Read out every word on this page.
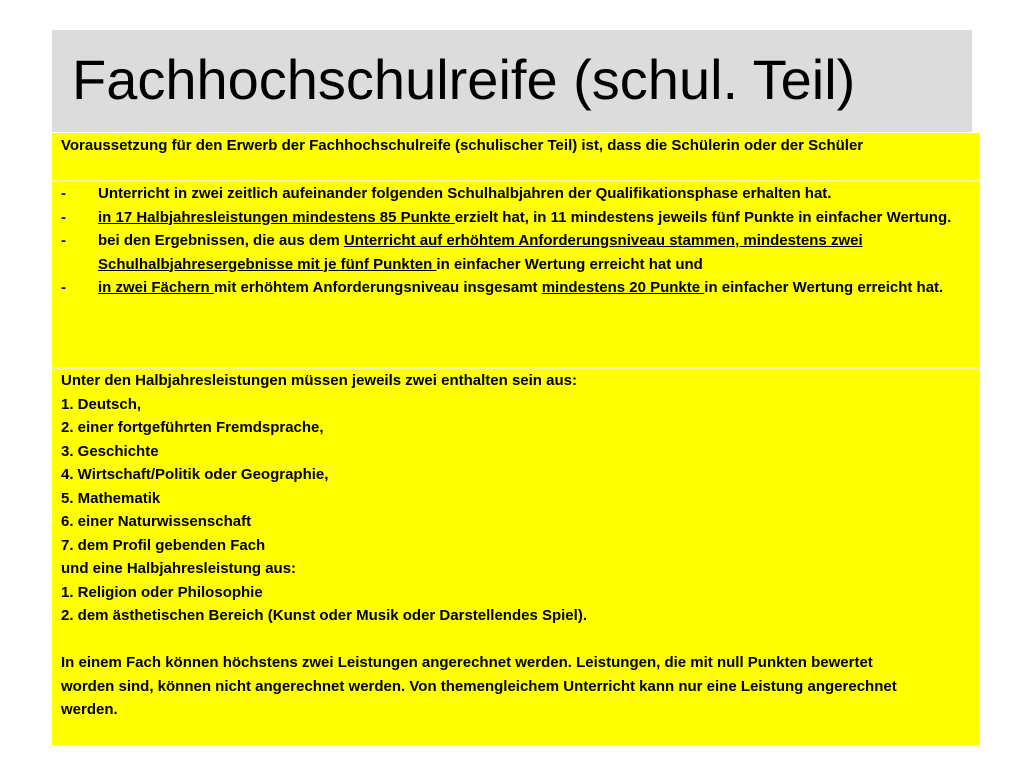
Fachhochschulreife (schul. Teil)
Voraussetzung für den Erwerb der Fachhochschulreife (schulischer Teil) ist, dass die Schülerin oder der Schüler
- Unterricht in zwei zeitlich aufeinander folgenden Schulhalbjahren der Qualifikationsphase erhalten hat.
- in 17 Halbjahresleistungen mindestens 85 Punkte erzielt hat, in 11 mindestens jeweils fünf Punkte in einfacher Wertung.
- bei den Ergebnissen, die aus dem Unterricht auf erhöhtem Anforderungsniveau stammen, mindestens zwei Schulhalbjahresergebnisse mit je fünf Punkten in einfacher Wertung erreicht hat und
- in zwei Fächern mit erhöhtem Anforderungsniveau insgesamt mindestens 20 Punkte in einfacher Wertung erreicht hat.
Unter den Halbjahresleistungen müssen jeweils zwei enthalten sein aus:
1. Deutsch,
2. einer fortgeführten Fremdsprache,
3. Geschichte
4. Wirtschaft/Politik oder Geographie,
5. Mathematik
6. einer Naturwissenschaft
7. dem Profil gebenden Fach
und eine Halbjahresleistung aus:
1. Religion oder Philosophie
2. dem ästhetischen Bereich (Kunst oder Musik oder Darstellendes Spiel).
In einem Fach können höchstens zwei Leistungen angerechnet werden. Leistungen, die mit null Punkten bewertet worden sind, können nicht angerechnet werden. Von themengleichem Unterricht kann nur eine Leistung angerechnet werden.
